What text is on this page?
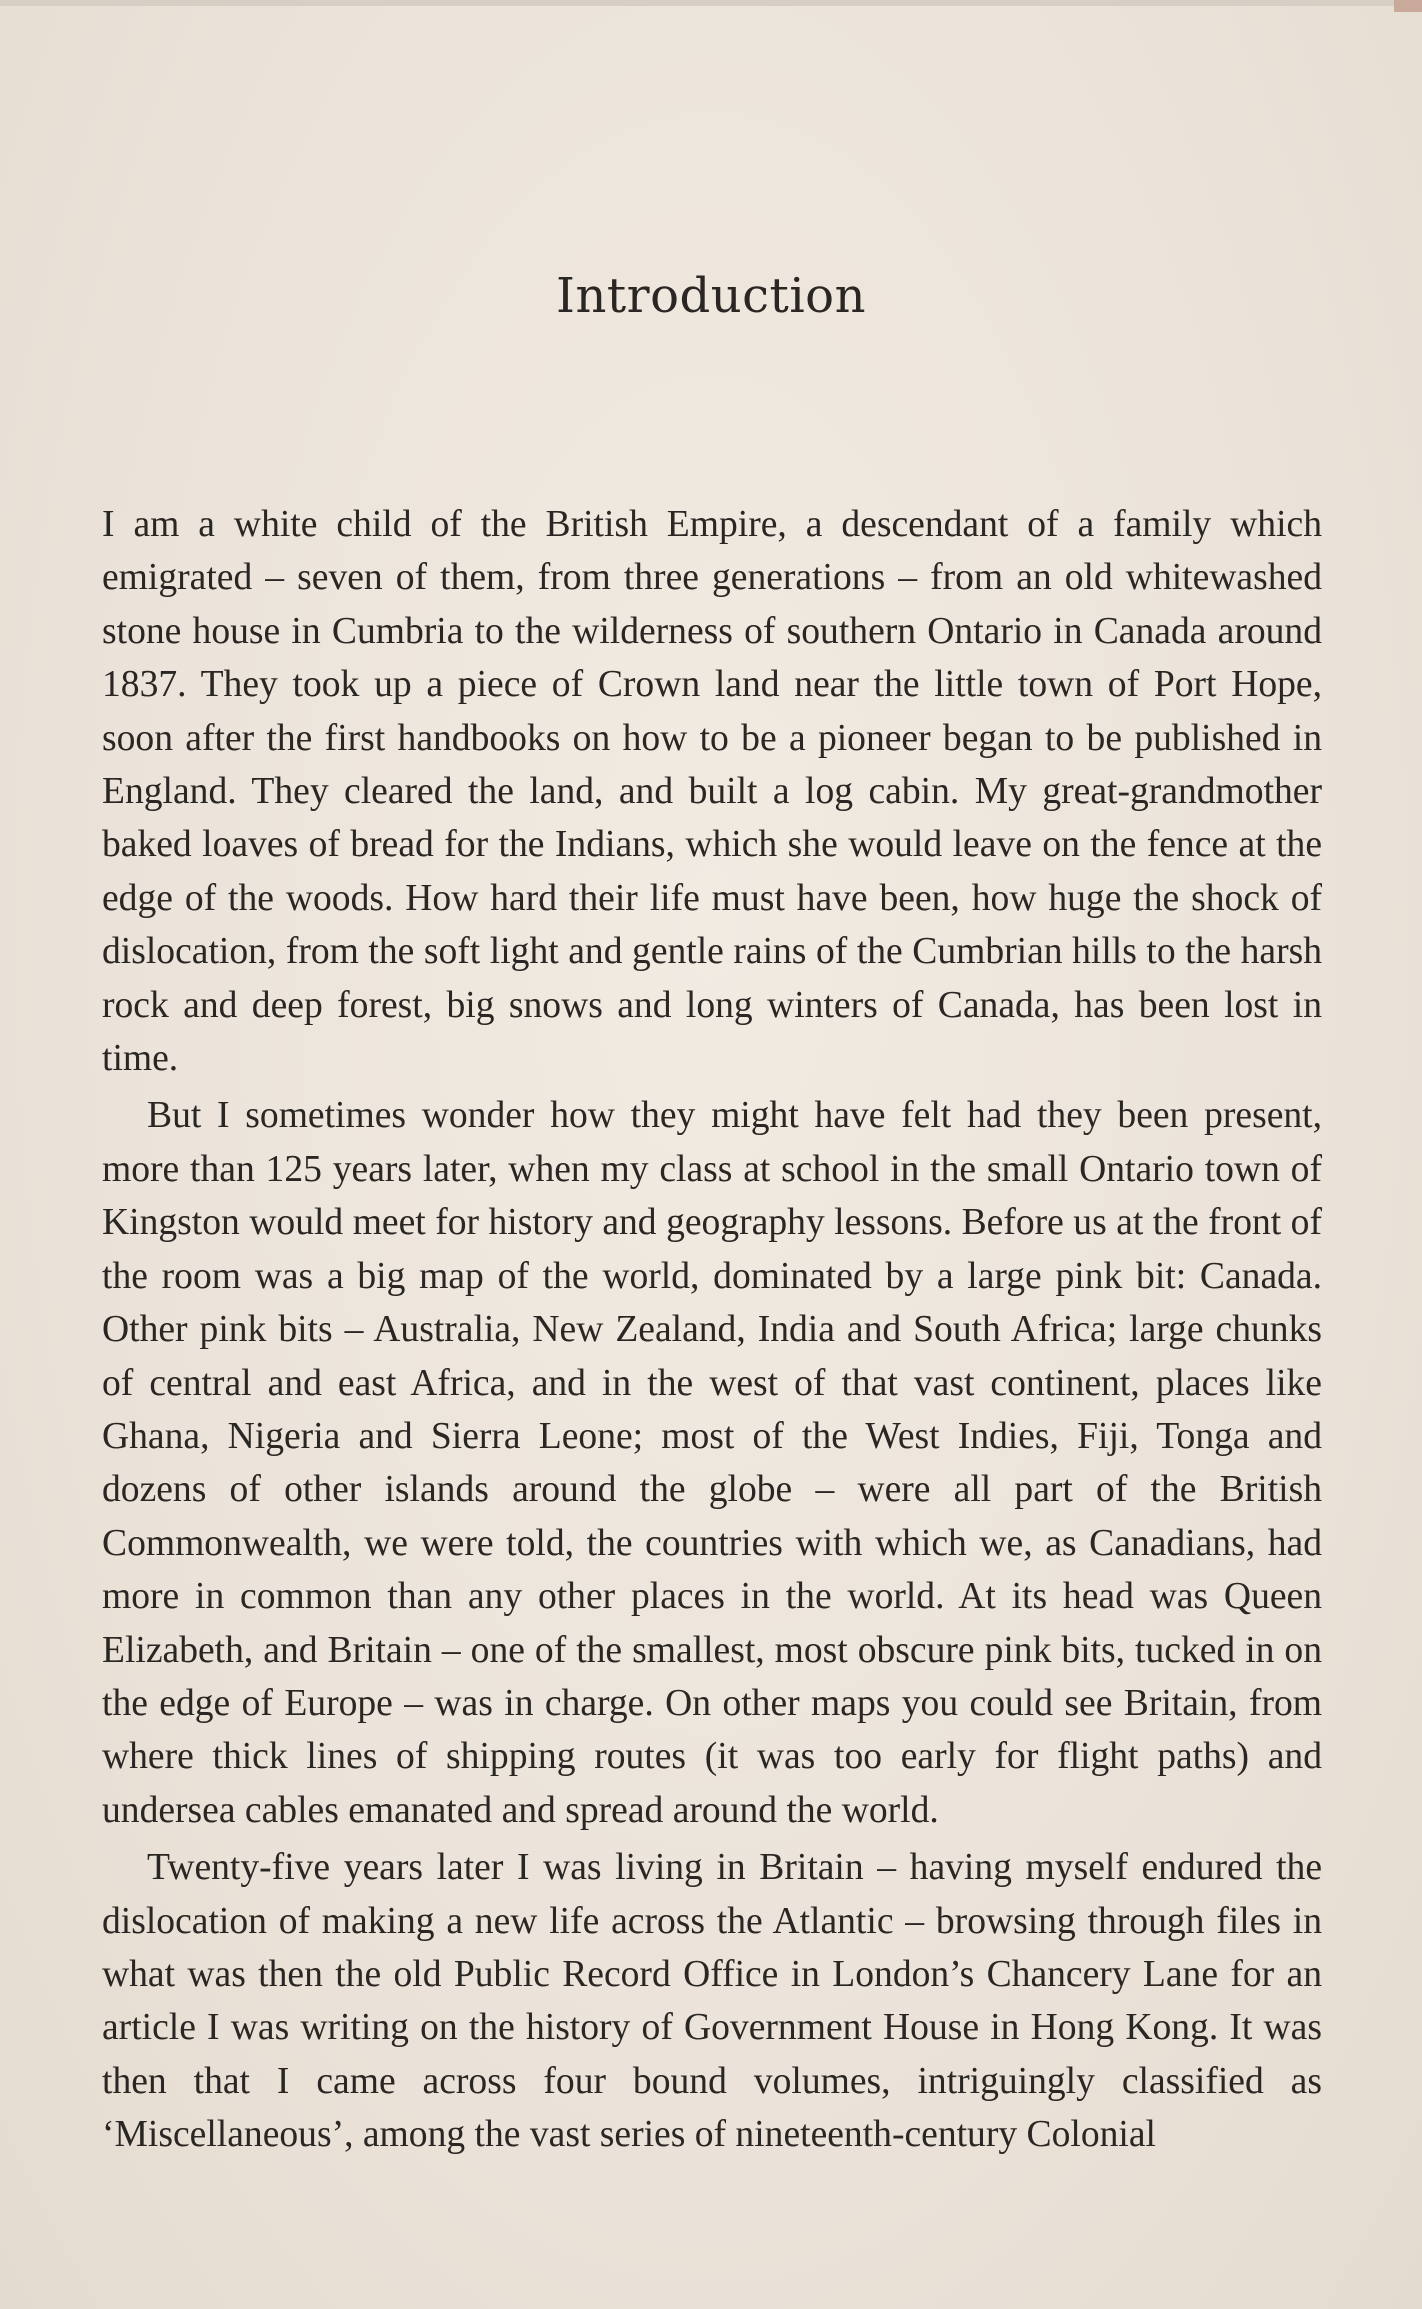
Introduction

I am a white child of the British Empire, a descendant of a family which emigrated – seven of them, from three generations – from an old whitewashed stone house in Cumbria to the wilderness of southern Ontario in Canada around 1837. They took up a piece of Crown land near the little town of Port Hope, soon after the first handbooks on how to be a pioneer began to be published in England. They cleared the land, and built a log cabin. My great-grandmother baked loaves of bread for the Indians, which she would leave on the fence at the edge of the woods. How hard their life must have been, how huge the shock of dislocation, from the soft light and gentle rains of the Cumbrian hills to the harsh rock and deep forest, big snows and long winters of Canada, has been lost in time.

But I sometimes wonder how they might have felt had they been present, more than 125 years later, when my class at school in the small Ontario town of Kingston would meet for history and geography lessons. Before us at the front of the room was a big map of the world, dominated by a large pink bit: Canada. Other pink bits – Australia, New Zealand, India and South Africa; large chunks of central and east Africa, and in the west of that vast continent, places like Ghana, Nigeria and Sierra Leone; most of the West Indies, Fiji, Tonga and dozens of other islands around the globe – were all part of the British Commonwealth, we were told, the countries with which we, as Canadians, had more in common than any other places in the world. At its head was Queen Elizabeth, and Britain – one of the smallest, most obscure pink bits, tucked in on the edge of Europe – was in charge. On other maps you could see Britain, from where thick lines of shipping routes (it was too early for flight paths) and undersea cables emanated and spread around the world.

Twenty-five years later I was living in Britain – having myself endured the dislocation of making a new life across the Atlantic – browsing through files in what was then the old Public Record Office in London’s Chancery Lane for an article I was writing on the history of Government House in Hong Kong. It was then that I came across four bound volumes, intriguingly classified as ‘Miscellaneous’, among the vast series of nineteenth-century Colonial
